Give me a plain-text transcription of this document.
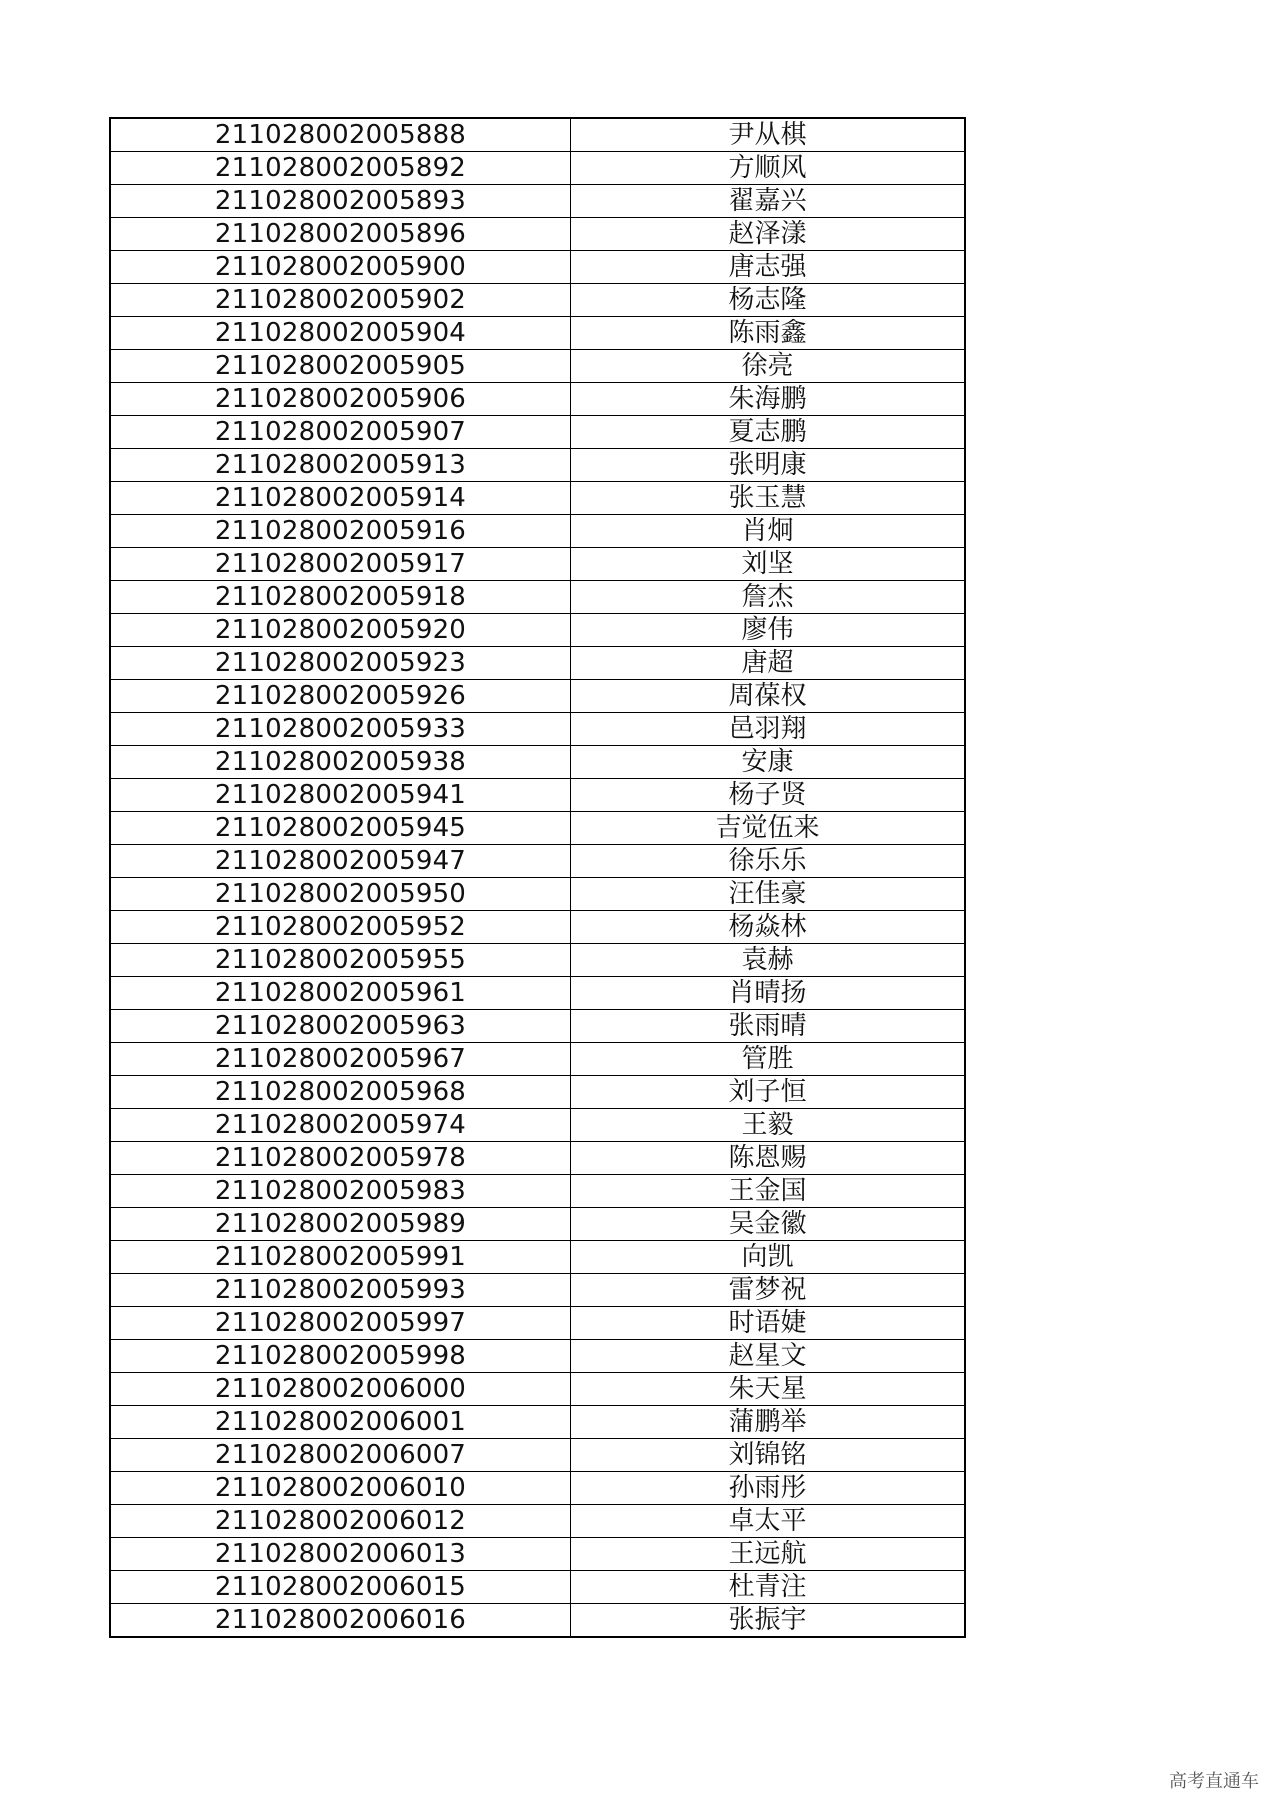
211028002005888	尹从棋
211028002005892	方顺风
211028002005893	翟嘉兴
211028002005896	赵泽漾
211028002005900	唐志强
211028002005902	杨志隆
211028002005904	陈雨鑫
211028002005905	徐亮
211028002005906	朱海鹏
211028002005907	夏志鹏
211028002005913	张明康
211028002005914	张玉慧
211028002005916	肖炯
211028002005917	刘坚
211028002005918	詹杰
211028002005920	廖伟
211028002005923	唐超
211028002005926	周葆权
211028002005933	邑羽翔
211028002005938	安康
211028002005941	杨子贤
211028002005945	吉觉伍来
211028002005947	徐乐乐
211028002005950	汪佳豪
211028002005952	杨焱林
211028002005955	袁赫
211028002005961	肖晴扬
211028002005963	张雨晴
211028002005967	管胜
211028002005968	刘子恒
211028002005974	王毅
211028002005978	陈恩赐
211028002005983	王金国
211028002005989	吴金徽
211028002005991	向凯
211028002005993	雷梦祝
211028002005997	时语婕
211028002005998	赵星文
211028002006000	朱天星
211028002006001	蒲鹏举
211028002006007	刘锦铭
211028002006010	孙雨彤
211028002006012	卓太平
211028002006013	王远航
211028002006015	杜青注
211028002006016	张振宇
高考直通车
